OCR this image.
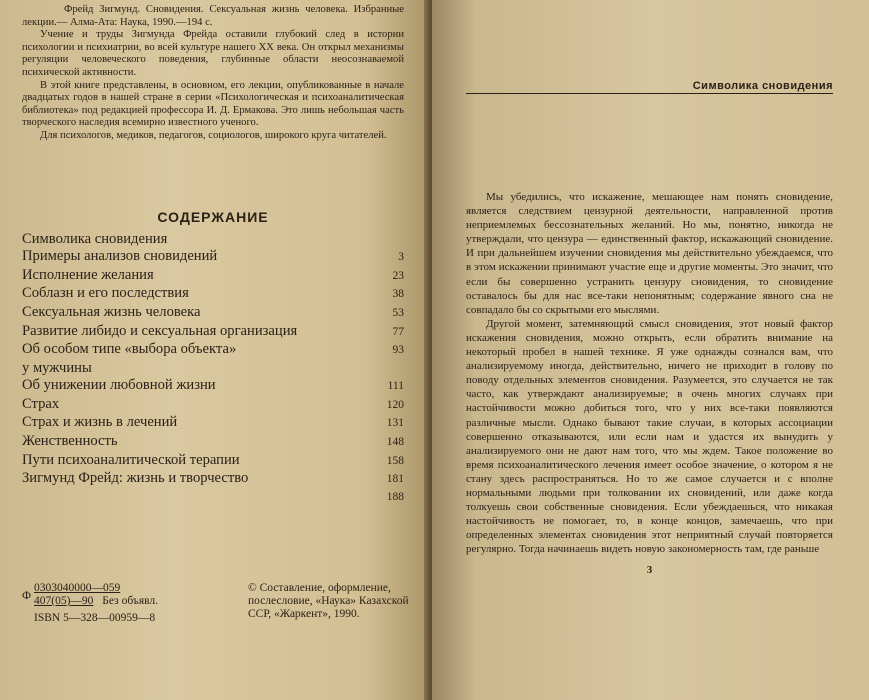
Фрейд Зигмунд. Сновидения. Сексуальная жизнь человека. Избранные лекции.— Алма-Ата: Наука, 1990.—194 с.

Учение и труды Зигмунда Фрейда оставили глубокий след в истории психологии и психиатрии, во всей культуре нашего XX века. Он открыл механизмы регуляции человеческого поведения, глубинные области неосознаваемой психической активности.

В этой книге представлены, в основном, его лекции, опубликованные в начале двадцатых годов в нашей стране в серии «Психологическая и психоаналитическая библиотека» под редакцией профессора И. Д. Ермакова. Это лишь небольшая часть творческого наследия всемирно известного ученого.

Для психологов, медиков, педагогов, социологов, широкого круга читателей.

СОДЕРЖАНИЕ
Символика сновидения
Примеры анализов сновидений	3
Исполнение желания	23
Соблазн и его последствия	38
Сексуальная жизнь человека	53
Развитие либидо и сексуальная организация	77
Об особом типе «выбора объекта»	93
у мужчины
Об унижении любовной жизни	111
Страх	120
Страх и жизнь в лечений	131
Женственность	148
Пути психоаналитической терапии	158
Зигмунд Фрейд: жизнь и творчество	181
188
0303040000—059
Ф 407(05)—90 Без объявл.
ISBN 5—328—00959—8
© Составление, оформление, послесловие, «Наука» Казахской ССР, «Жаркент», 1990.
Символика сновидения

Мы убедились, что искажение, мешающее нам понять сновидение, является следствием цензурной деятельности, направленной против неприемлемых бессознательных желаний. Но мы, понятно, никогда не утверждали, что цензура — единственный фактор, искажающий сновидение. И при дальнейшем изучении сновидения мы действительно убеждаемся, что в этом искажении принимают участие еще и другие моменты. Это значит, что если бы совершенно устранить цензуру сновидения, то сновидение оставалось бы для нас все-таки непонятным; содержание явного сна не совпадало бы со скрытыми его мыслями.

Другой момент, затемняющий смысл сновидения, этот новый фактор искажения сновидения, можно открыть, если обратить внимание на некоторый пробел в нашей технике. Я уже однажды сознался вам, что анализируемому иногда, действительно, ничего не приходит в голову по поводу отдельных элементов сновидения. Разумеется, это случается не так часто, как утверждают анализируемые; в очень многих случаях при настойчивости можно добиться того, что у них все-таки появляются различные мысли. Однако бывают такие случаи, в которых ассоциации совершенно отказываются, или если нам и удастся их вынудить у анализируемого они не дают нам того, что мы ждем. Такое положение во время психоаналитического лечения имеет особое значение, о котором я не стану здесь распространяться. Но то же самое случается и с вполне нормальными людьми при толковании их сновидений, или даже когда толкуешь свои собственные сновидения. Если убеждаешься, что никакая настойчивость не помогает, то, в конце концов, замечаешь, что при определенных элементах сновидения этот неприятный случай повторяется регулярно. Тогда начинаешь видеть новую закономерность там, где раньше

3
